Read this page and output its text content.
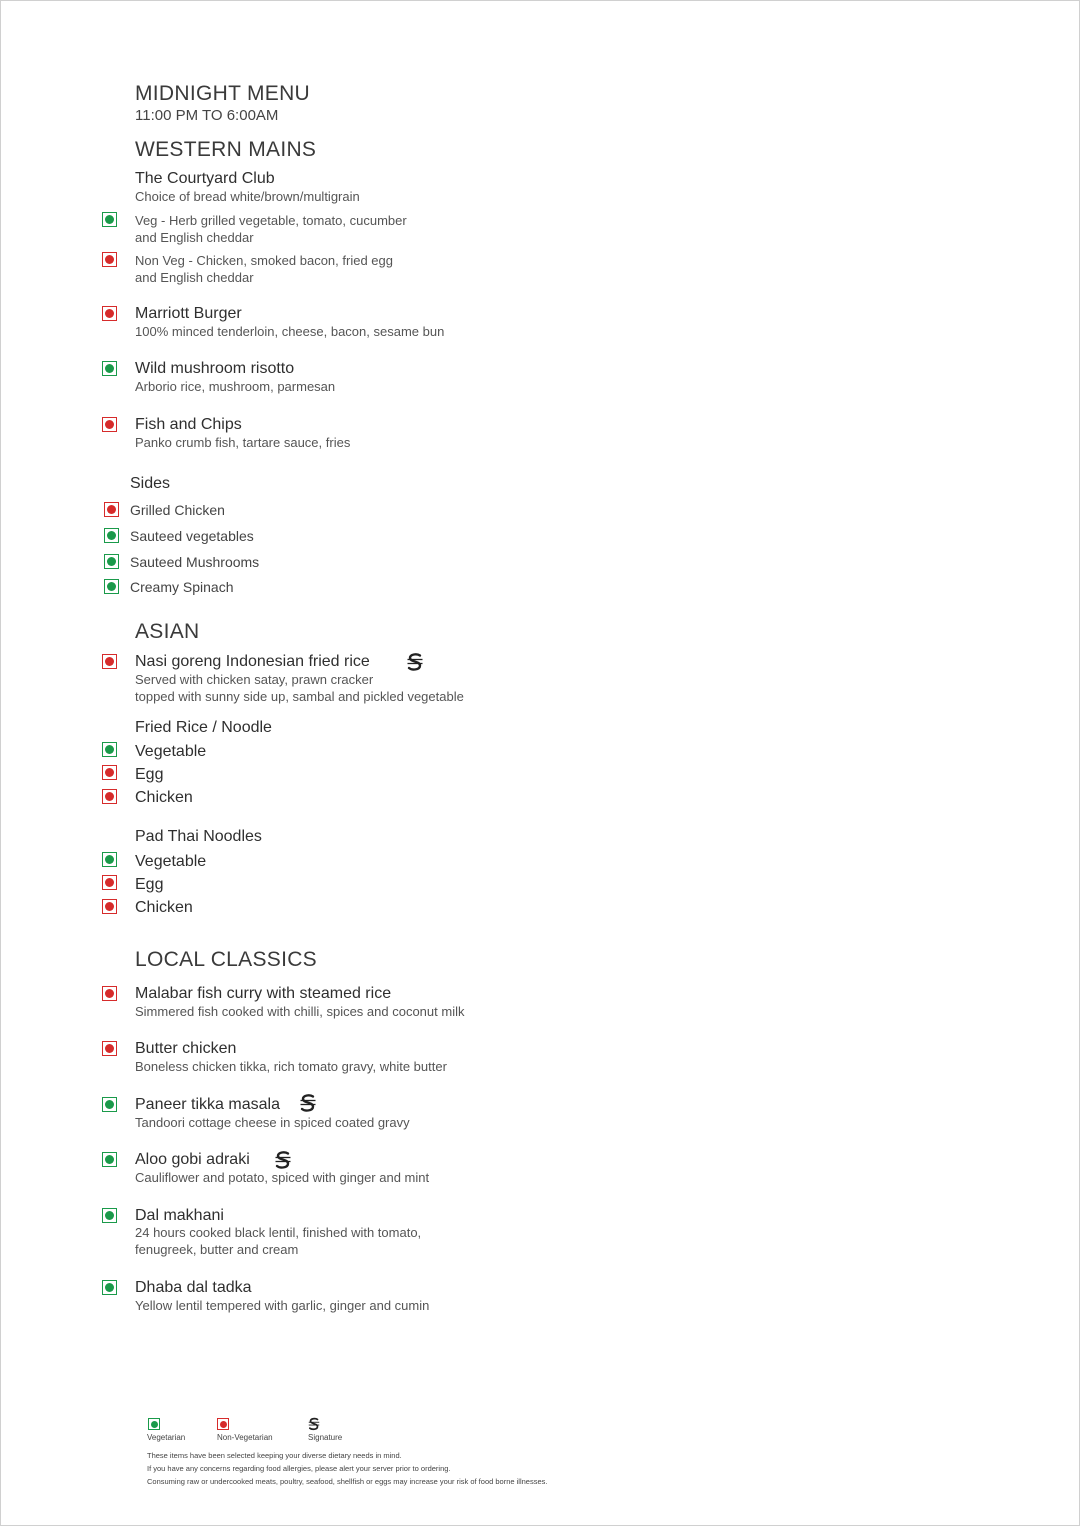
MIDNIGHT MENU
11:00 PM TO 6:00AM
WESTERN MAINS
The Courtyard Club
Choice of bread white/brown/multigrain
Veg - Herb grilled vegetable, tomato, cucumber
and English cheddar
Non Veg - Chicken, smoked bacon, fried egg
and English cheddar
Marriott Burger
100% minced tenderloin, cheese, bacon, sesame bun
Wild mushroom risotto
Arborio rice, mushroom, parmesan
Fish and Chips
Panko crumb fish, tartare sauce, fries
Sides
Grilled Chicken
Sauteed vegetables
Sauteed Mushrooms
Creamy Spinach
ASIAN
Nasi goreng Indonesian fried rice
Served with chicken satay, prawn cracker
topped with sunny side up, sambal and pickled vegetable
Fried Rice / Noodle
Vegetable
Egg
Chicken
Pad Thai Noodles
Vegetable
Egg
Chicken
LOCAL CLASSICS
Malabar fish curry with steamed rice
Simmered fish cooked with chilli, spices and coconut milk
Butter chicken
Boneless chicken tikka, rich tomato gravy, white butter
Paneer tikka masala
Tandoori cottage cheese in spiced coated gravy
Aloo gobi adraki
Cauliflower and potato, spiced with ginger and mint
Dal makhani
24 hours cooked black lentil, finished with tomato,
fenugreek, butter and cream
Dhaba dal tadka
Yellow lentil tempered with garlic, ginger and cumin
Vegetarian	Non-Vegetarian	Signature
These items have been selected keeping your diverse dietary needs in mind.
If you have any concerns regarding food allergies, please alert your server prior to ordering.
Consuming raw or undercooked meats, poultry, seafood, shellfish or eggs may increase your risk of food borne illnesses.
